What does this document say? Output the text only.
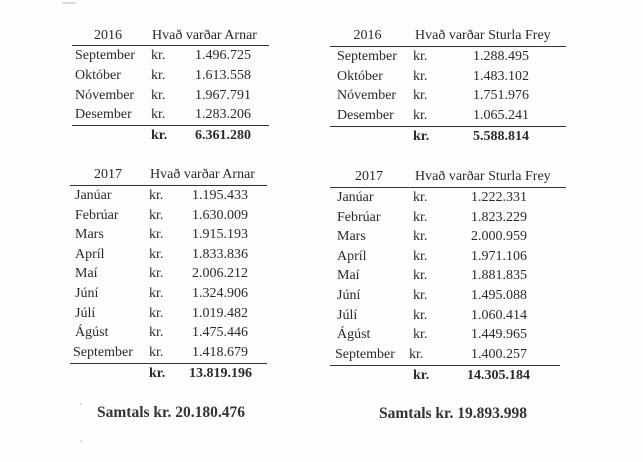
2016	Hvað varðar Arnar
September kr. 1.496.725
Október kr. 1.613.558
Nóvember kr. 1.967.791
Desember kr. 1.283.206
kr. 6.361.280
2016	Hvað varðar Sturla Frey
September kr.	1.288.495
Október kr.	1.483.102
Nóvember kr.	1.751.976
Desember kr.	1.065.241
kr.	5.588.814
2017	Hvað varðar Arnar
Janúar	kr. 1.195.433
Febrúar kr. 1.630.009
Mars	kr. 1.915.193
Apríl	kr. 1.833.836
Maí	kr. 2.006.212
Júní	kr. 1.324.906
Júlí	kr. 1.019.482
Ágúst	kr. 1.475.446
September kr. 1.418.679
kr. 13.819.196
2017	Hvað varðar Sturla Frey
Janúar	kr.	1.222.331
Febrúar kr.	1.823.229
Mars	kr.	2.000.959
Apríl	kr.	1.971.106
Maí	kr.	1.881.835
Júní	kr.	1.495.088
Júlí	kr.	1.060.414
Ágúst	kr.	1.449.965
September kr.	1.400.257
kr.	14.305.184
Samtals kr. 20.180.476	Samtals kr. 19.893.998
